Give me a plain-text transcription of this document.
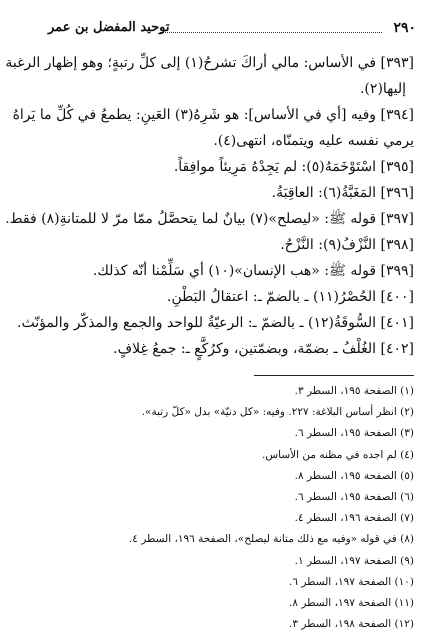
٢٩٠
توحيد المفضل بن عمر
[٣٩٣] في الأساس: مالي أراكَ تشرحُ(١) إلى كلِّ رتبةٍ؛ وهو إظهار الرغبة
إليها(٢).
[٣٩٤] وفيه [أي في الأساس]: هو شَرِهُ(٣) العَينِ: يطمعُ في كُلِّ ما يَراهُ
يرمي نفسه عليه ويتمنّاه، انتهى(٤).
[٣٩٥] اسْتَوْخَمَهُ(٥): لم يَجِدْهُ مَرِيئاً موافِقاً.
[٣٩٦] المَغَبَّةُ(٦): العاقِبَةُ.
[٣٩٧] قوله ﷺ: «ليصلح»(٧) بيانٌ لما يتحصَّلُ ممّا مرّ لا للمتانةِ(٨) فقط.
[٣٩٨] النَّزْفُ(٩): النَّزْحُ.
[٣٩٩] قوله ﷺ: «هب الإنسان»(١٠) أي سَلِّمْنا أنّه كذلك.
[٤٠٠] الحُصْرُ(١١) ـ بالضمّ ـ: اعتقالُ البَطْنِ.
[٤٠١] السُّوقَةُ(١٢) ـ بالضمّ ـ: الرعيّةُ للواحد والجمع والمذكّر والمؤنّث.
[٤٠٢] الغُلْفُ ـ بضمّة، وبضمّتين، وكرُكَّعٍ ـ: جمعُ غِلافٍ.
(١) الصفحة ١٩٥، السطر ٣.
(٢) انظر أساس البلاغة: ٢٢٧. وفيه: «كل دنيّة» بدل «كلّ رتبة».
(٣) الصفحة ١٩٥، السطر ٦.
(٤) لم اجده في مظنه من الأساس.
(٥) الصفحة ١٩٥، السطر ٨.
(٦) الصفحة ١٩٥، السطر ٦.
(٧) الصفحة ١٩٦، السطر ٤.
(٨) في قوله «وفيه مع ذلك متانة ليصلح»، الصفحة ١٩٦، السطر ٤.
(٩) الصفحة ١٩٧، السطر ١.
(١٠) الصفحة ١٩٧، السطر ٦.
(١١) الصفحة ١٩٧، السطر ٨.
(١٢) الصفحة ١٩٨، السطر ٣.
